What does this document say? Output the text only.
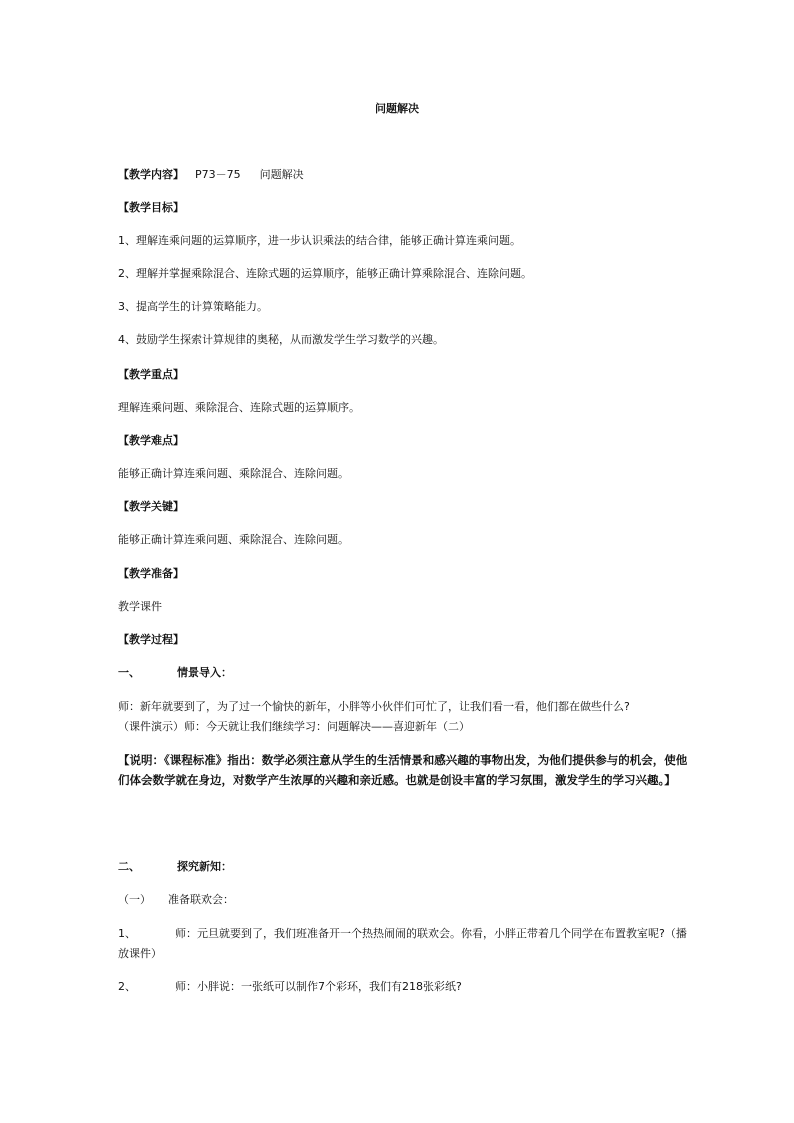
问题解决
【教学内容】 P73－75 问题解决
【教学目标】
1、理解连乘问题的运算顺序，进一步认识乘法的结合律，能够正确计算连乘问题。
2、理解并掌握乘除混合、连除式题的运算顺序，能够正确计算乘除混合、连除问题。
3、提高学生的计算策略能力。
4、鼓励学生探索计算规律的奥秘，从而激发学生学习数学的兴趣。
【教学重点】
理解连乘问题、乘除混合、连除式题的运算顺序。
【教学难点】
能够正确计算连乘问题、乘除混合、连除问题。
【教学关键】
能够正确计算连乘问题、乘除混合、连除问题。
【教学准备】
教学课件
【教学过程】
一、	情景导入：
师：新年就要到了，为了过一个愉快的新年，小胖等小伙伴们可忙了，让我们看一看，他们都在做些什么?
（课件演示）师：今天就让我们继续学习：问题解决——喜迎新年（二）
【说明：《课程标准》指出：数学必须注意从学生的生活情景和感兴趣的事物出发，为他们提供参与的机会，使他们体会数学就在身边，对数学产生浓厚的兴趣和亲近感。也就是创设丰富的学习氛围，激发学生的学习兴趣。】
二、	探究新知：
（一） 准备联欢会：
1、	师：元旦就要到了，我们班准备开一个热热闹闹的联欢会。你看，小胖正带着几个同学在布置教室呢?（播放课件）
2、	师：小胖说：一张纸可以制作7个彩环，我们有218张彩纸?
